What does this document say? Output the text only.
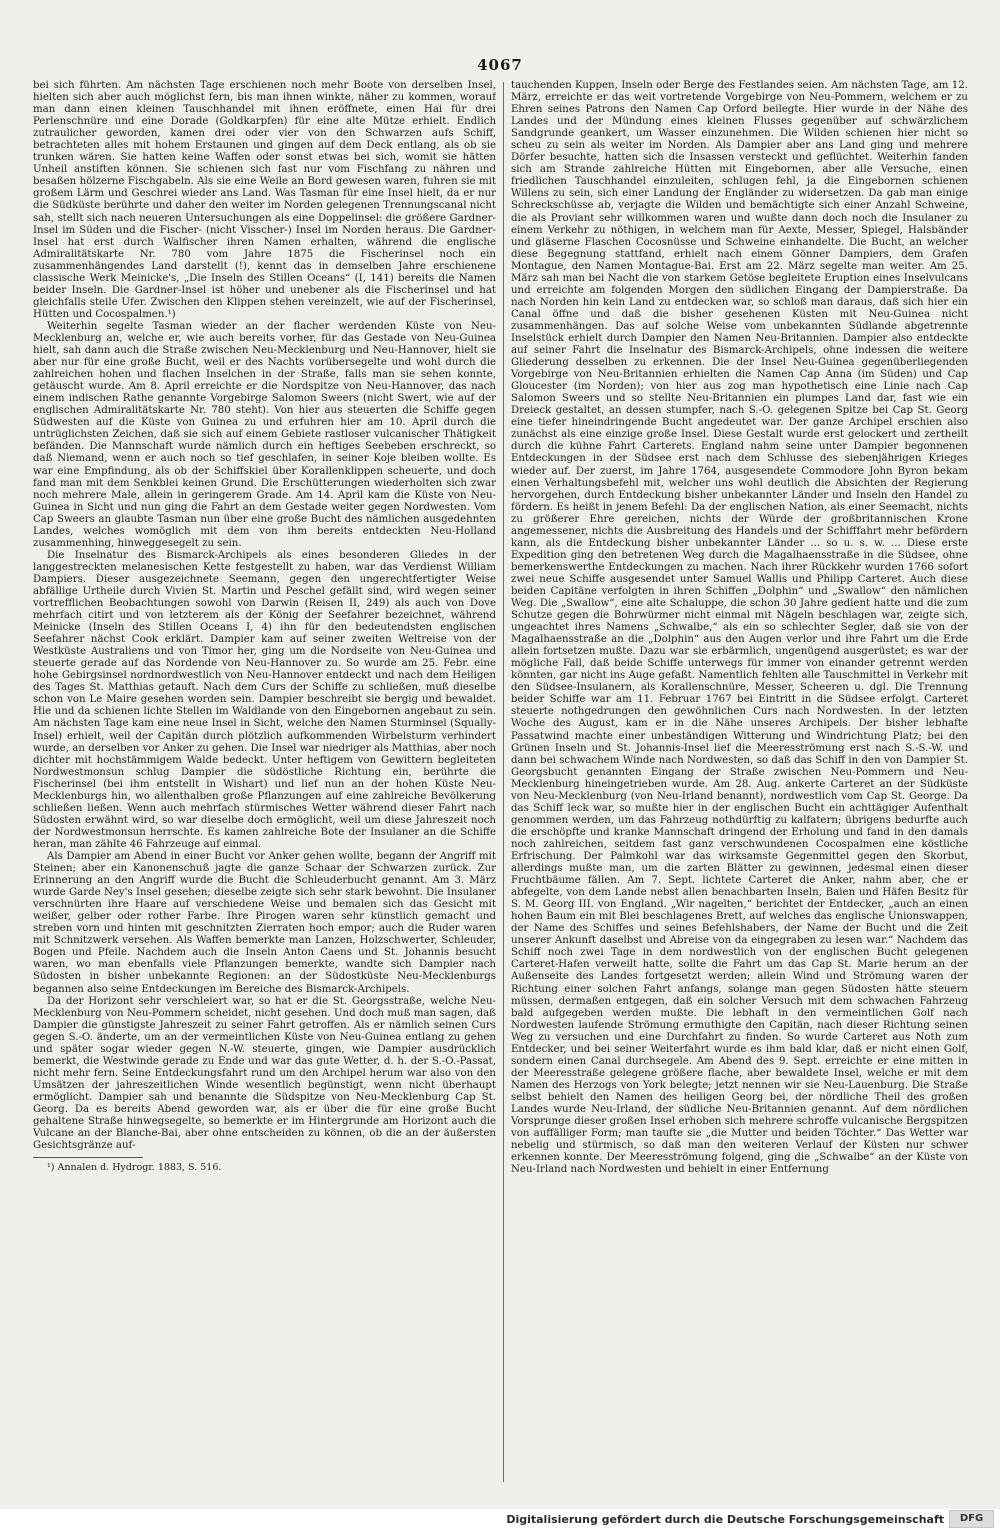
4067

bei sich führten. Am nächsten Tage erschienen noch mehr Boote von derselben Insel, hielten sich aber auch möglichst fern, bis man ihnen winkte, näher zu kommen, worauf man dann einen kleinen Tauschhandel mit ihnen eröffnete, einen Hai für drei Perlenschnüre und eine Dorade (Goldkarpfen) für eine alte Mütze erhielt. Endlich zutraulicher geworden, kamen drei oder vier von den Schwarzen aufs Schiff, betrachteten alles mit hohem Erstaunen und gingen auf dem Deck entlang, als ob sie trunken wären. Sie hatten keine Waffen oder sonst etwas bei sich, womit sie hätten Unheil anstiften können. Sie schienen sich fast nur vom Fischfang zu nähren und besaßen hölzerne Fischgabeln. Als sie eine Weile an Bord gewesen waren, fuhren sie mit großem Lärm und Geschrei wieder ans Land. Was Tasman für eine Insel hielt, da er nur die Südküste berührte und daher den weiter im Norden gelegenen Trennungscanal nicht sah, stellt sich nach neueren Untersuchungen als eine Doppelinsel: die größere Gardner-Insel im Süden und die Fischer- (nicht Visscher-) Insel im Norden heraus. Die Gardner-Insel hat erst durch Walfischer ihren Namen erhalten, während die englische Admiralitätskarte Nr. 780 vom Jahre 1875 die Fischerinsel noch ein zusammenhängendes Land darstellt (!), kennt das in demselben Jahre erschienene classische Werk Meinicke's, „Die Inseln des Stillen Oceans“ (I, 141) bereits die Namen beider Inseln. Die Gardner-Insel ist höher und unebener als die Fischerinsel und hat gleichfalls steile Ufer. Zwischen den Klippen stehen vereinzelt, wie auf der Fischerinsel, Hütten und Cocospalmen.¹)

Weiterhin segelte Tasman wieder an der flacher werdenden Küste von Neu-Mecklenburg an, welche er, wie auch bereits vorher, für das Gestade von Neu-Guinea hielt, sah dann auch die Straße zwischen Neu-Mecklenburg und Neu-Hannover, hielt sie aber nur für eine große Bucht, weil er des Nachts vorübersegelte und wohl durch die zahlreichen hohen und flachen Inselchen in der Straße, falls man sie sehen konnte, getäuscht wurde. Am 8. April erreichte er die Nordspitze von Neu-Hannover, das nach einem indischen Rathe genannte Vorgebirge Salomon Sweers (nicht Swert, wie auf der englischen Admiralitätskarte Nr. 780 steht). Von hier aus steuerten die Schiffe gegen Südwesten auf die Küste von Guinea zu und erfuhren hier am 10. April durch die untrüglichsten Zeichen, daß sie sich auf einem Gebiete rastloser vulcanischer Thätigkeit befänden. Die Mannschaft wurde nämlich durch ein heftiges Seebeben erschreckt, so daß Niemand, wenn er auch noch so tief geschlafen, in seiner Koje bleiben wollte. Es war eine Empfindung, als ob der Schiffskiel über Korallenklippen scheuerte, und doch fand man mit dem Senkblei keinen Grund. Die Erschütterungen wiederholten sich zwar noch mehrere Male, allein in geringerem Grade. Am 14. April kam die Küste von Neu-Guinea in Sicht und nun ging die Fahrt an dem Gestade weiter gegen Nordwesten. Vom Cap Sweers an glaubte Tasman nun über eine große Bucht des nämlichen ausgedehnten Landes, welches womöglich mit dem von ihm bereits entdeckten Neu-Holland zusammenhing, hinweggesegelt zu sein.

Die Inselnatur des Bismarck-Archipels als eines besonderen Gliedes in der langgestreckten melanesischen Kette festgestellt zu haben, war das Verdienst William Dampiers. Dieser ausgezeichnete Seemann, gegen den ungerechtfertigter Weise abfällige Urtheile durch Vivien St. Martin und Peschel gefällt sind, wird wegen seiner vortrefflichen Beobachtungen sowohl von Darwin (Reisen II, 249) als auch von Dove mehrfach citirt und von letzterem als der König der Seefahrer bezeichnet, während Meinicke (Inseln des Stillen Oceans I, 4) ihn für den bedeutendsten englischen Seefahrer nächst Cook erklärt. Dampier kam auf seiner zweiten Weltreise von der Westküste Australiens und von Timor her, ging um die Nordseite von Neu-Guinea und steuerte gerade auf das Nordende von Neu-Hannover zu. So wurde am 25. Febr. eine hohe Gebirgsinsel nordnordwestlich von Neu-Hannover entdeckt und nach dem Heiligen des Tages St. Matthias getauft. Nach dem Curs der Schiffe zu schließen, muß dieselbe schon von Le Maire gesehen worden sein. Dampier beschreibt sie bergig und bewaldet. Hie und da schienen lichte Stellen im Waldlande von den Eingebornen angebaut zu sein. Am nächsten Tage kam eine neue Insel in Sicht, welche den Namen Sturminsel (Squally-Insel) erhielt, weil der Capitän durch plötzlich aufkommenden Wirbelsturm verhindert wurde, an derselben vor Anker zu gehen. Die Insel war niedriger als Matthias, aber noch dichter mit hochstämmigem Walde bedeckt. Unter heftigem von Gewittern begleiteten Nordwestmonsun schlug Dampier die südöstliche Richtung ein, berührte die Fischerinsel (bei ihm entstellt in Wishart) und lief nun an der hohen Küste Neu-Mecklenburgs hin, wo allenthalben große Pflanzungen auf eine zahlreiche Bevölkerung schließen ließen. Wenn auch mehrfach stürmisches Wetter während dieser Fahrt nach Südosten erwähnt wird, so war dieselbe doch ermöglicht, weil um diese Jahreszeit noch der Nordwestmonsun herrschte. Es kamen zahlreiche Bote der Insulaner an die Schiffe heran, man zählte 46 Fahrzeuge auf einmal.

Als Dampier am Abend in einer Bucht vor Anker gehen wollte, begann der Angriff mit Steinen; aber ein Kanonenschuß jagte die ganze Schaar der Schwarzen zurück. Zur Erinnerung an den Angriff wurde die Bucht die Schleuderbucht genannt. Am 3. März wurde Garde Ney's Insel gesehen; dieselbe zeigte sich sehr stark bewohnt. Die Insulaner verschnürten ihre Haare auf verschiedene Weise und bemalen sich das Gesicht mit weißer, gelber oder rother Farbe. Ihre Pirogen waren sehr künstlich gemacht und streben vorn und hinten mit geschnitzten Zierraten hoch empor; auch die Ruder waren mit Schnitzwerk versehen. Als Waffen bemerkte man Lanzen, Holzschwerter, Schleuder, Bogen und Pfeile. Nachdem auch die Inseln Anton Caens und St. Johannis besucht waren, wo man ebenfalls viele Pflanzungen bemerkte, wandte sich Dampier nach Südosten in bisher unbekannte Regionen: an der Südostküste Neu-Mecklenburgs begannen also seine Entdeckungen im Bereiche des Bismarck-Archipels.

Da der Horizont sehr verschleiert war, so hat er die St. Georgsstraße, welche Neu-Mecklenburg von Neu-Pommern scheidet, nicht gesehen. Und doch muß man sagen, daß Dampier die günstigste Jahreszeit zu seiner Fahrt getroffen. Als er nämlich seinen Curs gegen S.-O. änderte, um an der vermeintlichen Küste von Neu-Guinea entlang zu gehen und später sogar wieder gegen N.-W. steuerte, gingen, wie Dampier ausdrücklich bemerkt, die Westwinde gerade zu Ende und war das gute Wetter, d. h. der S.-O.-Passat, nicht mehr fern. Seine Entdeckungsfahrt rund um den Archipel herum war also von den Umsätzen der jahreszeitlichen Winde wesentlich begünstigt, wenn nicht überhaupt ermöglicht. Dampier sah und benannte die Südspitze von Neu-Mecklenburg Cap St. Georg. Da es bereits Abend geworden war, als er über die für eine große Bucht gehaltene Straße hinwegsegelte, so bemerkte er im Hintergrunde am Horizont auch die Vulcane an der Blanche-Bai, aber ohne entscheiden zu können, ob die an der äußersten Gesichtsgränze auf-

¹) Annalen d. Hydrogr. 1883, S. 516.

tauchenden Kuppen, Inseln oder Berge des Festlandes seien. Am nächsten Tage, am 12. März, erreichte er das weit vortretende Vorgebirge von Neu-Pommern, welchem er zu Ehren seines Patrons den Namen Cap Orford beilegte. Hier wurde in der Nähe des Landes und der Mündung eines kleinen Flusses gegenüber auf schwärzlichem Sandgrunde geankert, um Wasser einzunehmen. Die Wilden schienen hier nicht so scheu zu sein als weiter im Norden. Als Dampier aber ans Land ging und mehrere Dörfer besuchte, hatten sich die Insassen versteckt und geflüchtet. Weiterhin fanden sich am Strande zahlreiche Hütten mit Eingebornen, aber alle Versuche, einen friedlichen Tauschhandel einzuleiten, schlugen fehl, ja die Eingebornen schienen Willens zu sein, sich einer Landung der Engländer zu widersetzen. Da gab man einige Schreckschüsse ab, verjagte die Wilden und bemächtigte sich einer Anzahl Schweine, die als Proviant sehr willkommen waren und wußte dann doch noch die Insulaner zu einem Verkehr zu nöthigen, in welchem man für Aexte, Messer, Spiegel, Halsbänder und gläserne Flaschen Cocosnüsse und Schweine einhandelte. Die Bucht, an welcher diese Begegnung stattfand, erhielt nach einem Gönner Dampiers, dem Grafen Montague, den Namen Montague-Bai. Erst am 22. März segelte man weiter. Am 25. März sah man bei Nacht die von starkem Getöse begleitete Eruption eines Inselvulcans und erreichte am folgenden Morgen den südlichen Eingang der Dampierstraße. Da nach Norden hin kein Land zu entdecken war, so schloß man daraus, daß sich hier ein Canal öffne und daß die bisher gesehenen Küsten mit Neu-Guinea nicht zusammenhängen. Das auf solche Weise vom unbekannten Südlande abgetrennte Inselstück erhielt durch Dampier den Namen Neu-Britannien. Dampier also entdeckte auf seiner Fahrt die Inselnatur des Bismarck-Archipels, ohne indessen die weitere Gliederung desselben zu erkennen. Die der Insel Neu-Guinea gegenüberliegenden Vorgebirge von Neu-Britannien erhielten die Namen Cap Anna (im Süden) und Cap Gloucester (im Norden); von hier aus zog man hypothetisch eine Linie nach Cap Salomon Sweers und so stellte Neu-Britannien ein plumpes Land dar, fast wie ein Dreieck gestaltet, an dessen stumpfer, nach S.-O. gelegenen Spitze bei Cap St. Georg eine tiefer hineindringende Bucht angedeutet war. Der ganze Archipel erschien also zunächst als eine einzige große Insel. Diese Gestalt wurde erst gelockert und zertheilt durch die kühne Fahrt Carterets. England nahm seine unter Dampier begonnenen Entdeckungen in der Südsee erst nach dem Schlusse des siebenjährigen Krieges wieder auf. Der zuerst, im Jahre 1764, ausgesendete Commodore John Byron bekam einen Verhaltungsbefehl mit, welcher uns wohl deutlich die Absichten der Regierung hervorgehen, durch Entdeckung bisher unbekannter Länder und Inseln den Handel zu fördern. Es heißt in jenem Befehl: Da der englischen Nation, als einer Seemacht, nichts zu größerer Ehre gereichen, nichts der Würde der großbritannischen Krone angemessener, nichts die Ausbreitung des Handels und der Schifffahrt mehr befördern kann, als die Entdeckung bisher unbekannter Länder ... so u. s. w. ... Diese erste Expedition ging den betretenen Weg durch die Magalhaensstraße in die Südsee, ohne bemerkenswerthe Entdeckungen zu machen. Nach ihrer Rückkehr wurden 1766 sofort zwei neue Schiffe ausgesendet unter Samuel Wallis und Philipp Carteret. Auch diese beiden Capitäne verfolgten in ihren Schiffen „Dolphin“ und „Swallow“ den nämlichen Weg. Die „Swallow“, eine alte Schaluppe, die schon 30 Jahre gedient hatte und die zum Schutze gegen die Bohrwürmer nicht einmal mit Nägeln beschlagen war, zeigte sich, ungeachtet ihres Namens „Schwalbe,“ als ein so schlechter Segler, daß sie von der Magalhaensstraße an die „Dolphin“ aus den Augen verlor und ihre Fahrt um die Erde allein fortsetzen mußte. Dazu war sie erbärmlich, ungenügend ausgerüstet; es war der mögliche Fall, daß beide Schiffe unterwegs für immer von einander getrennt werden könnten, gar nicht ins Auge gefaßt. Namentlich fehlten alle Tauschmittel in Verkehr mit den Südsee-Insulanern, als Korallenschnüre, Messer, Scheeren u. dgl. Die Trennung beider Schiffe war am 11. Februar 1767 bei Eintritt in die Südsee erfolgt. Carteret steuerte nothgedrungen den gewöhnlichen Curs nach Nordwesten. In der letzten Woche des August, kam er in die Nähe unseres Archipels. Der bisher lebhafte Passatwind machte einer unbeständigen Witterung und Windrichtung Platz; bei den Grünen Inseln und St. Johannis-Insel lief die Meeresströmung erst nach S.-S.-W. und dann bei schwachem Winde nach Nordwesten, so daß das Schiff in den von Dampier St. Georgsbucht genannten Eingang der Straße zwischen Neu-Pommern und Neu-Mecklenburg hineingetrieben wurde. Am 28. Aug. ankerte Carteret an der Südküste von Neu-Mecklenburg (von Neu-Irland benannt), nordwestlich vom Cap St. George. Da das Schiff leck war, so mußte hier in der englischen Bucht ein achttägiger Aufenthalt genommen werden, um das Fahrzeug nothdürftig zu kalfatern; übrigens bedurfte auch die erschöpfte und kranke Mannschaft dringend der Erholung und fand in den damals noch zahlreichen, seitdem fast ganz verschwundenen Cocospalmen eine köstliche Erfrischung. Der Palmkohl war das wirksamste Gegenmittel gegen den Skorbut, allerdings mußte man, um die zarten Blätter zu gewinnen, jedesmal einen dieser Fruchtbäume fällen. Am 7. Sept. lichtete Carteret die Anker, nahm aber, che er abfegelte, von dem Lande nebst allen benachbarten Inseln, Baien und Häfen Besitz für S. M. Georg III. von England. „Wir nagelten,“ berichtet der Entdecker, „auch an einen hohen Baum ein mit Blei beschlagenes Brett, auf welches das englische Unionswappen, der Name des Schiffes und seines Befehlshabers, der Name der Bucht und die Zeit unserer Ankunft daselbst und Abreise von da eingegraben zu lesen war.“ Nachdem das Schiff noch zwei Tage in dem nordwestlich von der englischen Bucht gelegenen Carteret-Hafen verweilt hatte, sollte die Fahrt um das Cap St. Marie herum an der Außenseite des Landes fortgesetzt werden; allein Wind und Strömung waren der Richtung einer solchen Fahrt anfangs, solange man gegen Südosten hätte steuern müssen, dermaßen entgegen, daß ein solcher Versuch mit dem schwachen Fahrzeug bald aufgegeben werden mußte. Die lebhaft in den vermeintlichen Golf nach Nordwesten laufende Strömung ermuthigte den Capitän, nach dieser Richtung seinen Weg zu versuchen und eine Durchfahrt zu finden. So wurde Carteret aus Noth zum Entdecker, und bei seiner Weiterfahrt wurde es ihm bald klar, daß er nicht einen Golf, sondern einen Canal durchsegele. Am Abend des 9. Sept. erreichte er eine mitten in der Meeresstraße gelegene größere flache, aber bewaldete Insel, welche er mit dem Namen des Herzogs von York belegte; jetzt nennen wir sie Neu-Lauenburg. Die Straße selbst behielt den Namen des heiligen Georg bei, der nördliche Theil des großen Landes wurde Neu-Irland, der südliche Neu-Britannien genannt. Auf dem nördlichen Vorsprunge dieser großen Insel erhoben sich mehrere schroffe vulcanische Bergspitzen von auffälliger Form; man taufte sie „die Mutter und beiden Töchter.“ Das Wetter war nebelig und stürmisch, so daß man den weiteren Verlauf der Küsten nur schwer erkennen konnte. Der Meeresströmung folgend, ging die „Schwalbe“ an der Küste von Neu-Irland nach Nordwesten und behielt in einer Entfernung

Digitalisierung gefördert durch die Deutsche Forschungsgemeinschaft	DFG
